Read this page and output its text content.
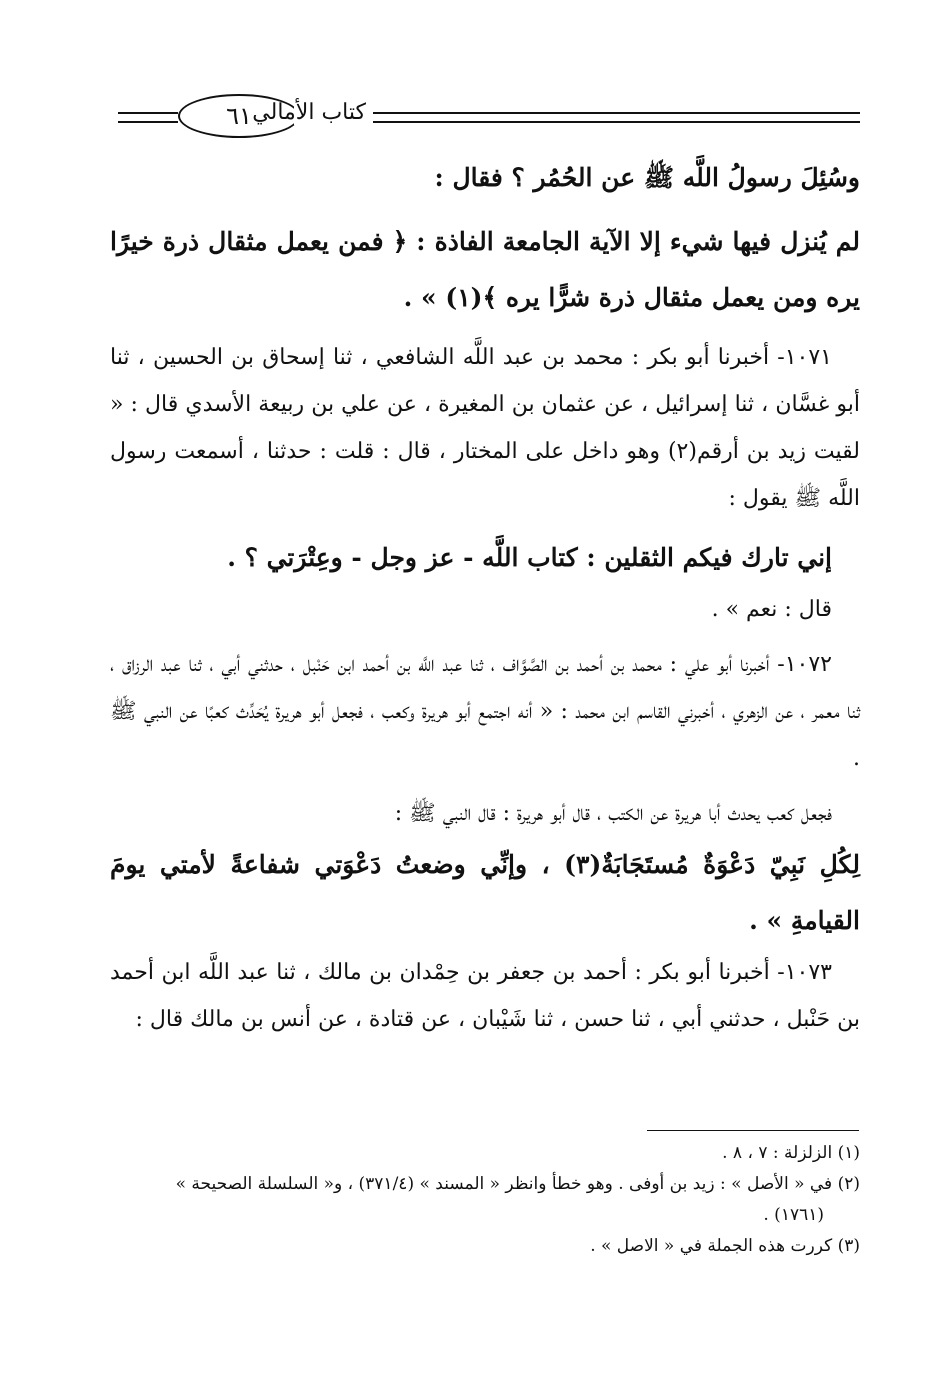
٦١ كتاب الأمالي

وسُئِلَ رسولُ اللَّه ﷺ عن الحُمُر ؟ فقال :

لم يُنزل فيها شيء إلا الآية الجامعة الفاذة : ﴿ فمن يعمل مثقال ذرة خيرًا يره ومن يعمل مثقال ذرة شرًّا يره ﴾(١) » .

١٠٧١- أخبرنا أبو بكر : محمد بن عبد اللَّه الشافعي ، ثنا إسحاق بن الحسين ، ثنا أبو غسَّان ، ثنا إسرائيل ، عن عثمان بن المغيرة ، عن علي بن ربيعة الأسدي قال : « لقيت زيد بن أرقم(٢) وهو داخل على المختار ، قال : قلت : حدثنا ، أسمعت رسول اللَّه ﷺ يقول :

إني تارك فيكم الثقلين : كتاب اللَّه - عز وجل - وعِتْرَتي ؟ .

قال : نعم » .

١٠٧٢- أخبرنا أبو علي : محمد بن أحمد بن الصَّوَّاف ، ثنا عبد اللَّه بن أحمد ابن حَنْبل ، حدثني أبي ، ثنا عبد الرزاق ، ثنا معمر ، عن الزهري ، أخبرني القاسم ابن محمد : « أنه اجتمع أبو هريرة وكعب ، فجعل أبو هريرة يُحَدِّث كعبًا عن النبي ﷺ .

فجعل كعب يحدث أبا هريرة عن الكتب ، قال أبو هريرة : قال النبي ﷺ :

لِكُلِ نَبِيّ دَعْوَةٌ مُستَجَابَةٌ(٣) ، وإنِّي وضعتُ دَعْوَتي شفاعةً لأمتي يومَ القيامةِ » .

١٠٧٣- أخبرنا أبو بكر : أحمد بن جعفر بن حِمْدان بن مالك ، ثنا عبد اللَّه ابن أحمد بن حَنْبل ، حدثني أبي ، ثنا حسن ، ثنا شَيْبان ، عن قتادة ، عن أنس بن مالك قال :

(١) الزلزلة : ٧ ، ٨ .

(٢) في « الأصل » : زيد بن أوفى . وهو خطأ وانظر « المسند » (٣٧١/٤) ، و« السلسلة الصحيحة »

(١٧٦١) .

(٣) كررت هذه الجملة في « الاصل » .
